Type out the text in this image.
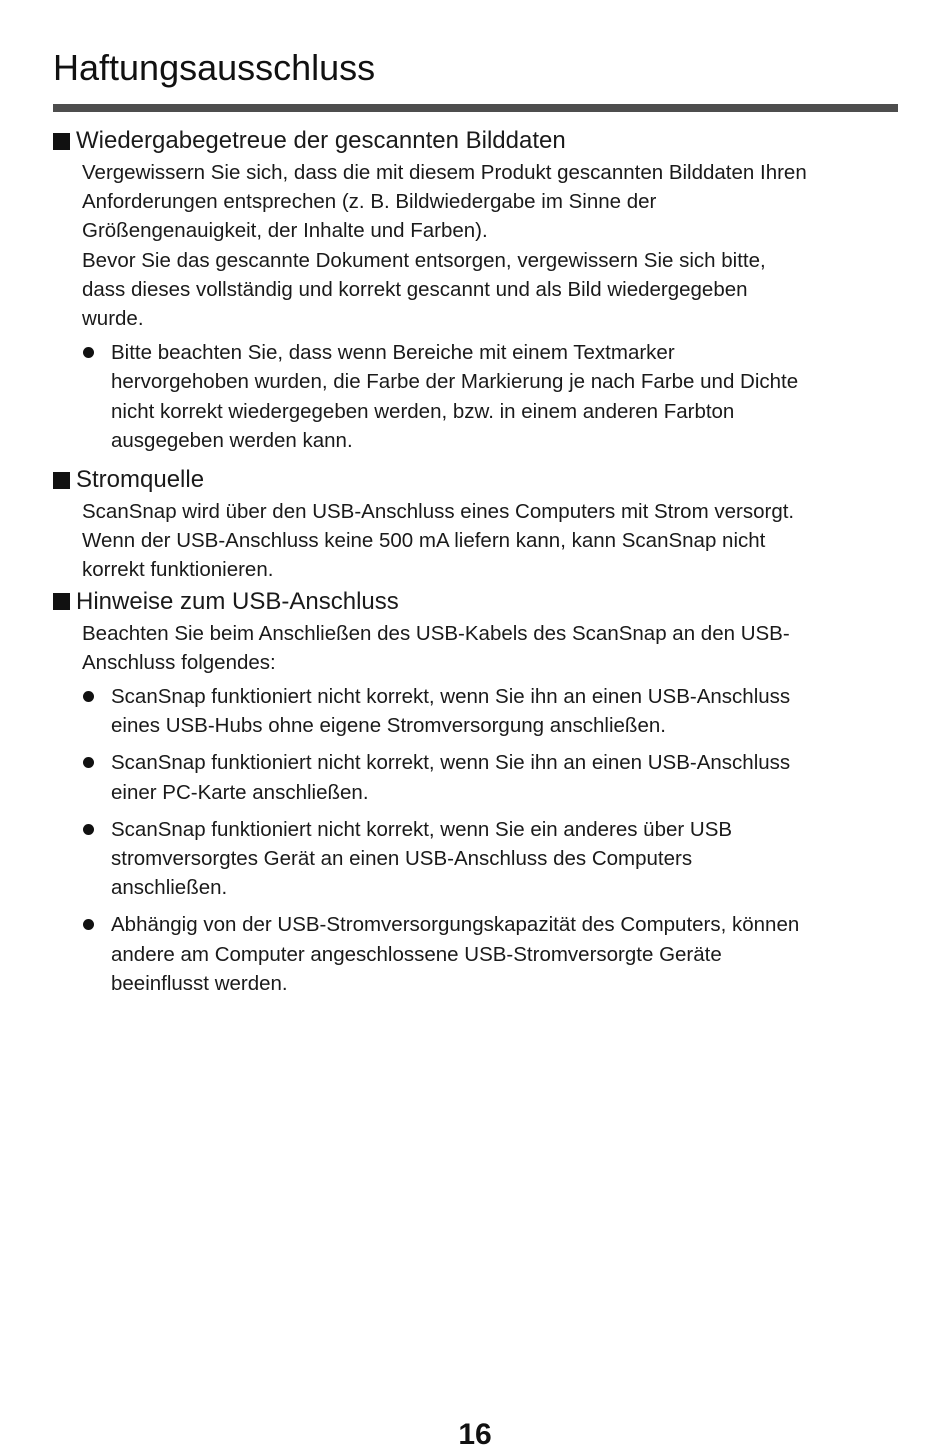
Haftungsausschluss
Wiedergabegetreue der gescannten Bilddaten

Vergewissern Sie sich, dass die mit diesem Produkt gescannten Bilddaten Ihren
Anforderungen entsprechen (z. B. Bildwiedergabe im Sinne der
Größengenauigkeit, der Inhalte und Farben).
Bevor Sie das gescannte Dokument entsorgen, vergewissern Sie sich bitte,
dass dieses vollständig und korrekt gescannt und als Bild wiedergegeben
wurde.

Bitte beachten Sie, dass wenn Bereiche mit einem Textmarker
hervorgehoben wurden, die Farbe der Markierung je nach Farbe und Dichte
nicht korrekt wiedergegeben werden, bzw. in einem anderen Farbton
ausgegeben werden kann.
Stromquelle

ScanSnap wird über den USB-Anschluss eines Computers mit Strom versorgt.
Wenn der USB-Anschluss keine 500 mA liefern kann, kann ScanSnap nicht
korrekt funktionieren.

Hinweise zum USB-Anschluss

Beachten Sie beim Anschließen des USB-Kabels des ScanSnap an den USB-
Anschluss folgendes:

ScanSnap funktioniert nicht korrekt, wenn Sie ihn an einen USB-Anschluss
eines USB-Hubs ohne eigene Stromversorgung anschließen.
ScanSnap funktioniert nicht korrekt, wenn Sie ihn an einen USB-Anschluss
einer PC-Karte anschließen.
ScanSnap funktioniert nicht korrekt, wenn Sie ein anderes über USB
stromversorgtes Gerät an einen USB-Anschluss des Computers
anschließen.
Abhängig von der USB-Stromversorgungskapazität des Computers, können
andere am Computer angeschlossene USB-Stromversorgte Geräte
beeinflusst werden.
16
